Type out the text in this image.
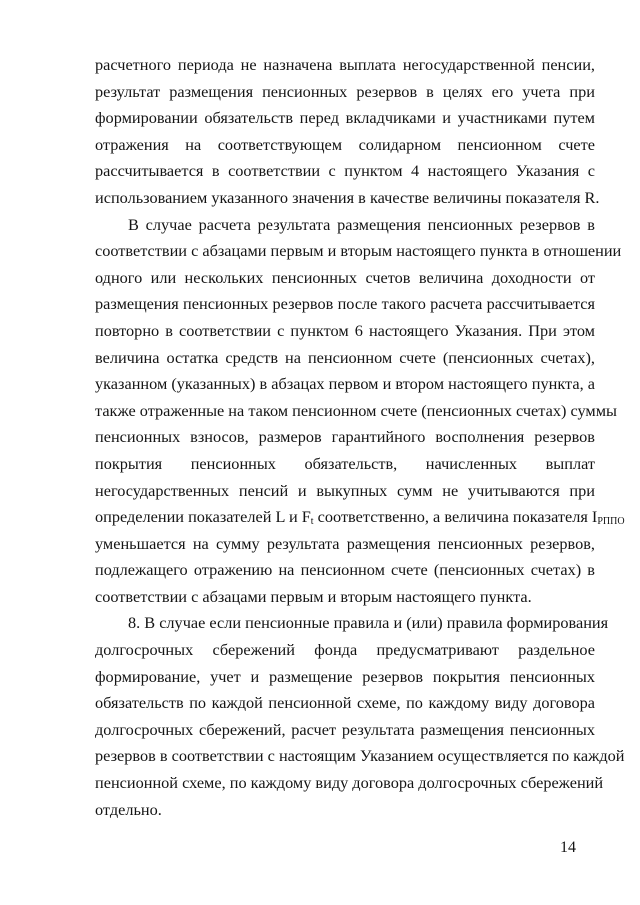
расчетного периода не назначена выплата негосударственной пенсии,
результат размещения пенсионных резервов в целях его учета при
формировании обязательств перед вкладчиками и участниками путем
отражения на соответствующем солидарном пенсионном счете
рассчитывается в соответствии с пунктом 4 настоящего Указания с
использованием указанного значения в качестве величины показателя R.
В случае расчета результата размещения пенсионных резервов в
соответствии с абзацами первым и вторым настоящего пункта в отношении
одного или нескольких пенсионных счетов величина доходности от
размещения пенсионных резервов после такого расчета рассчитывается
повторно в соответствии с пунктом 6 настоящего Указания. При этом
величина остатка средств на пенсионном счете (пенсионных счетах),
указанном (указанных) в абзацах первом и втором настоящего пункта, а
также отраженные на таком пенсионном счете (пенсионных счетах) суммы
пенсионных взносов, размеров гарантийного восполнения резервов
покрытия пенсионных обязательств, начисленных выплат
негосударственных пенсий и выкупных сумм не учитываются при
определении показателей L и $F_t$ соответственно, а величина показателя $I_{РППО}$
уменьшается на сумму результата размещения пенсионных резервов,
подлежащего отражению на пенсионном счете (пенсионных счетах) в
соответствии с абзацами первым и вторым настоящего пункта.
8. В случае если пенсионные правила и (или) правила формирования
долгосрочных сбережений фонда предусматривают раздельное
формирование, учет и размещение резервов покрытия пенсионных
обязательств по каждой пенсионной схеме, по каждому виду договора
долгосрочных сбережений, расчет результата размещения пенсионных
резервов в соответствии с настоящим Указанием осуществляется по каждой
пенсионной схеме, по каждому виду договора долгосрочных сбережений
отдельно.
14
